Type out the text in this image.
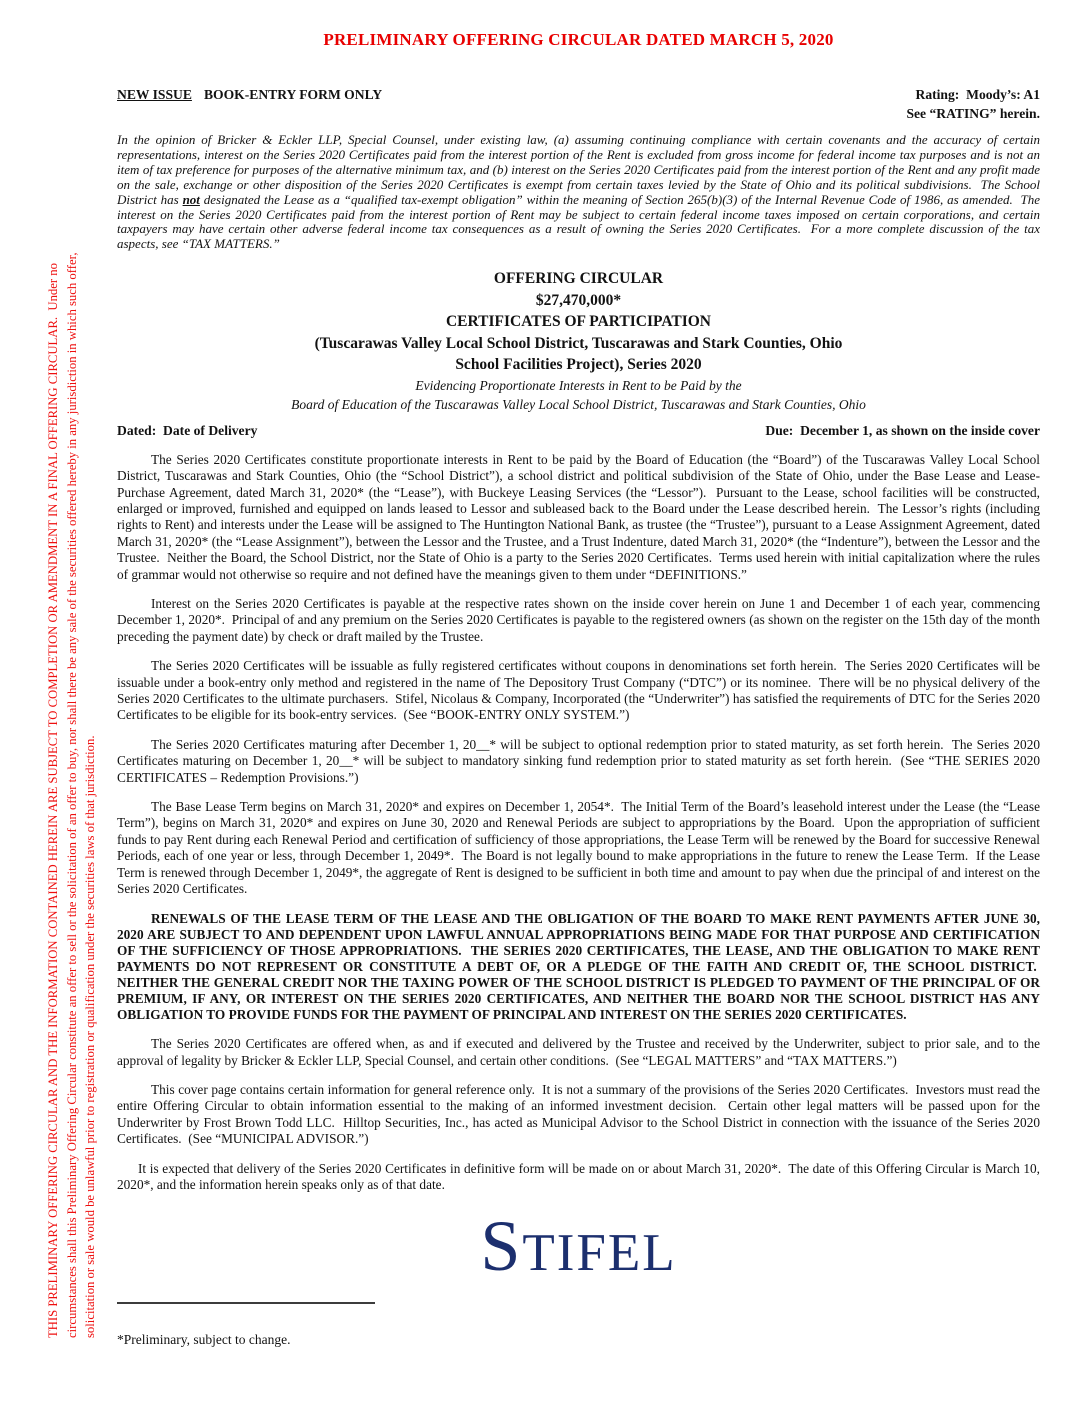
THIS PRELIMINARY OFFERING CIRCULAR AND THE INFORMATION CONTAINED HEREIN ARE SUBJECT TO COMPLETION OR AMENDMENT IN A FINAL OFFERING CIRCULAR.  Under no circumstances shall this Preliminary Offering Circular constitute an offer to sell or the solicitation of an offer to buy, nor shall there be any sale of the securities offered hereby in any jurisdiction in which such offer, solicitation or sale would be unlawful prior to registration or qualification under the securities laws of that jurisdiction.
PRELIMINARY OFFERING CIRCULAR DATED MARCH 5, 2020
NEW ISSUE BOOK-ENTRY FORM ONLY	Rating:  Moody’s: A1
See “RATING” herein.

In the opinion of Bricker & Eckler LLP, Special Counsel, under existing law, (a) assuming continuing compliance with certain covenants and the accuracy of certain representations, interest on the Series 2020 Certificates paid from the interest portion of the Rent is excluded from gross income for federal income tax purposes and is not an item of tax preference for purposes of the alternative minimum tax, and (b) interest on the Series 2020 Certificates paid from the interest portion of the Rent and any profit made on the sale, exchange or other disposition of the Series 2020 Certificates is exempt from certain taxes levied by the State of Ohio and its political subdivisions.  The School District has not designated the Lease as a “qualified tax-exempt obligation” within the meaning of Section 265(b)(3) of the Internal Revenue Code of 1986, as amended.  The interest on the Series 2020 Certificates paid from the interest portion of Rent may be subject to certain federal income taxes imposed on certain corporations, and certain taxpayers may have certain other adverse federal income tax consequences as a result of owning the Series 2020 Certificates.  For a more complete discussion of the tax aspects, see “TAX MATTERS.”

OFFERING CIRCULAR
$27,470,000*
CERTIFICATES OF PARTICIPATION
(Tuscarawas Valley Local School District, Tuscarawas and Stark Counties, Ohio
School Facilities Project), Series 2020
Evidencing Proportionate Interests in Rent to be Paid by the
Board of Education of the Tuscarawas Valley Local School District, Tuscarawas and Stark Counties, Ohio
Dated:  Date of Delivery	Due:  December 1, as shown on the inside cover

The Series 2020 Certificates constitute proportionate interests in Rent to be paid by the Board of Education (the “Board”) of the Tuscarawas Valley Local School District, Tuscarawas and Stark Counties, Ohio (the “School District”), a school district and political subdivision of the State of Ohio, under the Base Lease and Lease-Purchase Agreement, dated March 31, 2020* (the “Lease”), with Buckeye Leasing Services (the “Lessor”).  Pursuant to the Lease, school facilities will be constructed, enlarged or improved, furnished and equipped on lands leased to Lessor and subleased back to the Board under the Lease described herein.  The Lessor’s rights (including rights to Rent) and interests under the Lease will be assigned to The Huntington National Bank, as trustee (the “Trustee”), pursuant to a Lease Assignment Agreement, dated March 31, 2020* (the “Lease Assignment”), between the Lessor and the Trustee, and a Trust Indenture, dated March 31, 2020* (the “Indenture”), between the Lessor and the Trustee.  Neither the Board, the School District, nor the State of Ohio is a party to the Series 2020 Certificates.  Terms used herein with initial capitalization where the rules of grammar would not otherwise so require and not defined have the meanings given to them under “DEFINITIONS.”

Interest on the Series 2020 Certificates is payable at the respective rates shown on the inside cover herein on June 1 and December 1 of each year, commencing December 1, 2020*.  Principal of and any premium on the Series 2020 Certificates is payable to the registered owners (as shown on the register on the 15th day of the month preceding the payment date) by check or draft mailed by the Trustee.

The Series 2020 Certificates will be issuable as fully registered certificates without coupons in denominations set forth herein.  The Series 2020 Certificates will be issuable under a book-entry only method and registered in the name of The Depository Trust Company (“DTC”) or its nominee.  There will be no physical delivery of the Series 2020 Certificates to the ultimate purchasers.  Stifel, Nicolaus & Company, Incorporated (the “Underwriter”) has satisfied the requirements of DTC for the Series 2020 Certificates to be eligible for its book-entry services.  (See “BOOK-ENTRY ONLY SYSTEM.”)

The Series 2020 Certificates maturing after December 1, 20__* will be subject to optional redemption prior to stated maturity, as set forth herein.  The Series 2020 Certificates maturing on December 1, 20__* will be subject to mandatory sinking fund redemption prior to stated maturity as set forth herein.  (See “THE SERIES 2020 CERTIFICATES – Redemption Provisions.”)

The Base Lease Term begins on March 31, 2020* and expires on December 1, 2054*.  The Initial Term of the Board’s leasehold interest under the Lease (the “Lease Term”), begins on March 31, 2020* and expires on June 30, 2020 and Renewal Periods are subject to appropriations by the Board.  Upon the appropriation of sufficient funds to pay Rent during each Renewal Period and certification of sufficiency of those appropriations, the Lease Term will be renewed by the Board for successive Renewal Periods, each of one year or less, through December 1, 2049*.  The Board is not legally bound to make appropriations in the future to renew the Lease Term.  If the Lease Term is renewed through December 1, 2049*, the aggregate of Rent is designed to be sufficient in both time and amount to pay when due the principal of and interest on the Series 2020 Certificates.

RENEWALS OF THE LEASE TERM OF THE LEASE AND THE OBLIGATION OF THE BOARD TO MAKE RENT PAYMENTS AFTER JUNE 30, 2020 ARE SUBJECT TO AND DEPENDENT UPON LAWFUL ANNUAL APPROPRIATIONS BEING MADE FOR THAT PURPOSE AND CERTIFICATION OF THE SUFFICIENCY OF THOSE APPROPRIATIONS.  THE SERIES 2020 CERTIFICATES, THE LEASE, AND THE OBLIGATION TO MAKE RENT PAYMENTS DO NOT REPRESENT OR CONSTITUTE A DEBT OF, OR A PLEDGE OF THE FAITH AND CREDIT OF, THE SCHOOL DISTRICT.  NEITHER THE GENERAL CREDIT NOR THE TAXING POWER OF THE SCHOOL DISTRICT IS PLEDGED TO PAYMENT OF THE PRINCIPAL OF OR PREMIUM, IF ANY, OR INTEREST ON THE SERIES 2020 CERTIFICATES, AND NEITHER THE BOARD NOR THE SCHOOL DISTRICT HAS ANY OBLIGATION TO PROVIDE FUNDS FOR THE PAYMENT OF PRINCIPAL AND INTEREST ON THE SERIES 2020 CERTIFICATES.

The Series 2020 Certificates are offered when, as and if executed and delivered by the Trustee and received by the Underwriter, subject to prior sale, and to the approval of legality by Bricker & Eckler LLP, Special Counsel, and certain other conditions.  (See “LEGAL MATTERS” and “TAX MATTERS.”)

This cover page contains certain information for general reference only.  It is not a summary of the provisions of the Series 2020 Certificates.  Investors must read the entire Offering Circular to obtain information essential to the making of an informed investment decision.  Certain other legal matters will be passed upon for the Underwriter by Frost Brown Todd LLC.  Hilltop Securities, Inc., has acted as Municipal Advisor to the School District in connection with the issuance of the Series 2020 Certificates.  (See “MUNICIPAL ADVISOR.”)

It is expected that delivery of the Series 2020 Certificates in definitive form will be made on or about March 31, 2020*.  The date of this Offering Circular is March 10, 2020*, and the information herein speaks only as of that date.

STIFEL

*Preliminary, subject to change.
